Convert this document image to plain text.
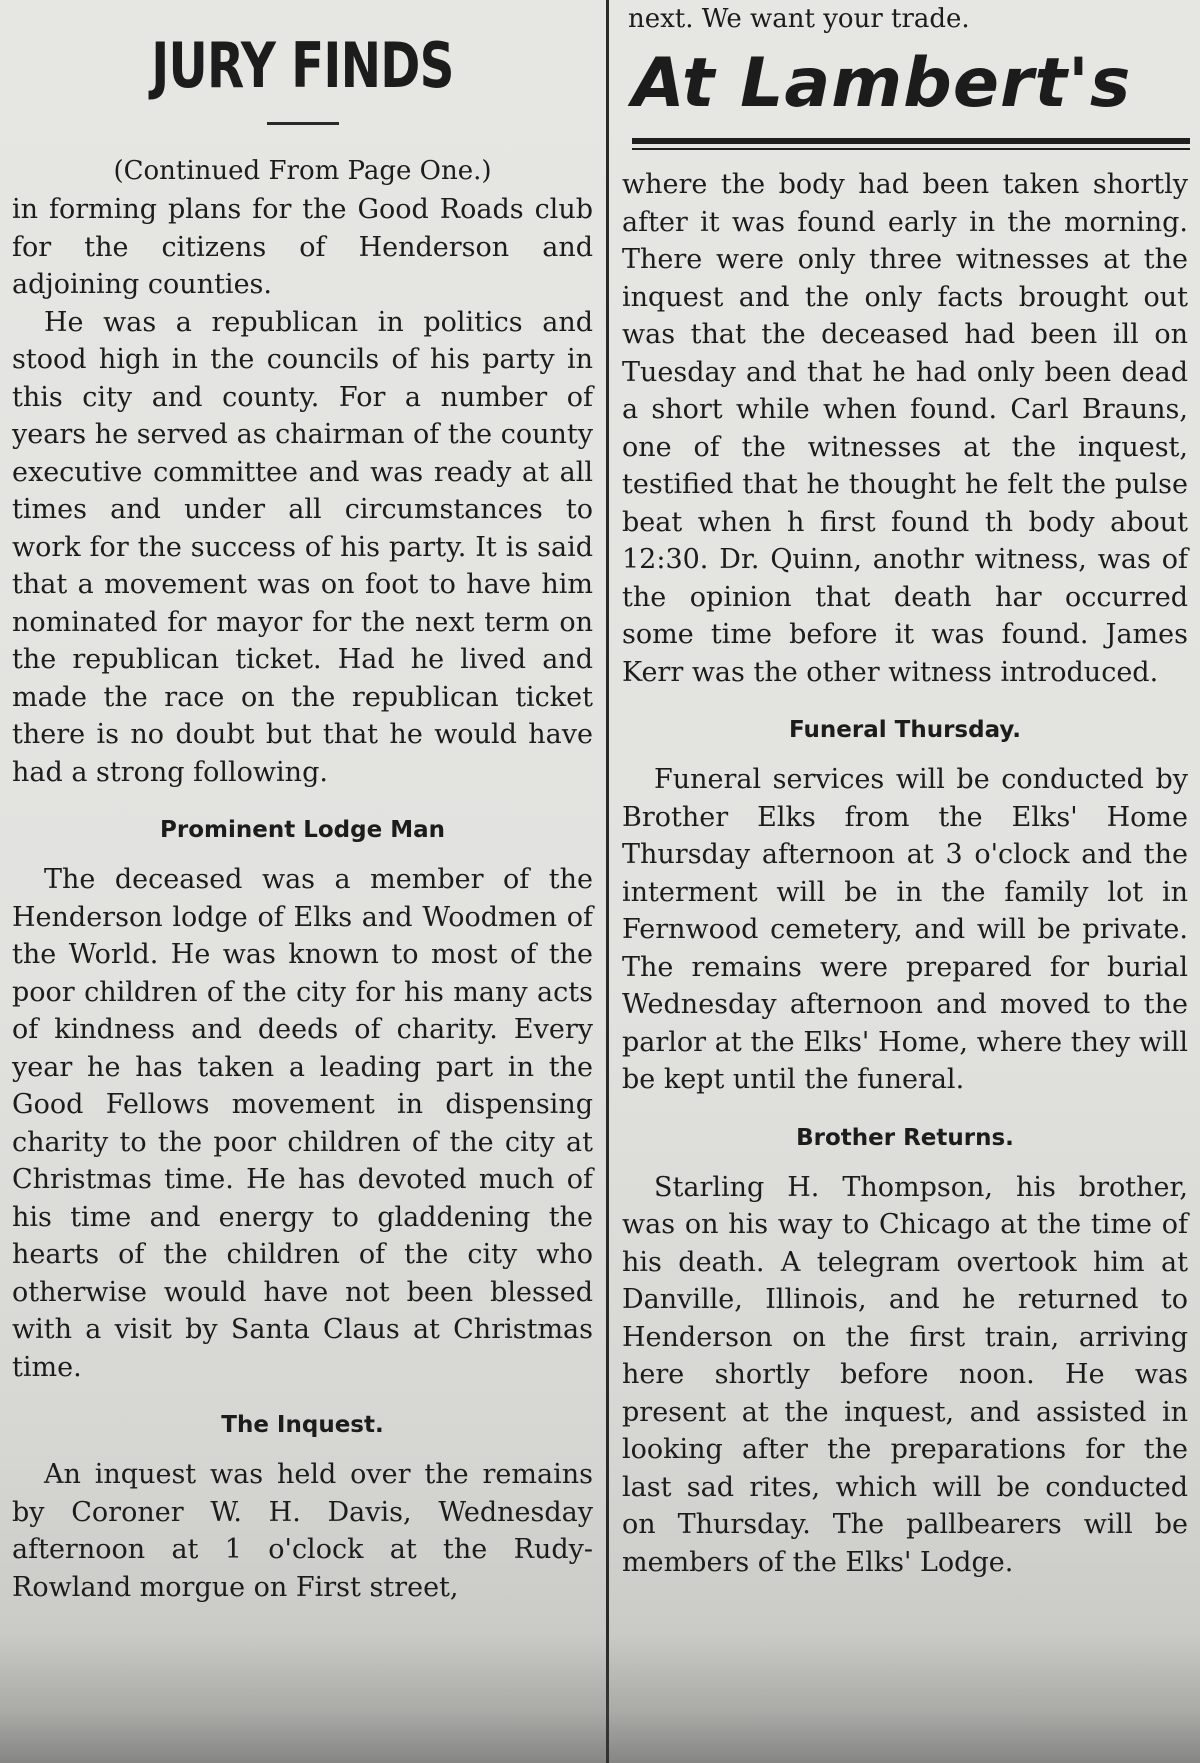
JURY FINDS
(Continued From Page One.)

in forming plans for the Good Roads club for the citizens of Henderson and adjoining counties.

He was a republican in politics and stood high in the councils of his party in this city and county. For a number of years he served as chairman of the county executive committee and was ready at all times and under all circumstances to work for the success of his party. It is said that a movement was on foot to have him nominated for mayor for the next term on the republican ticket. Had he lived and made the race on the republican ticket there is no doubt but that he would have had a strong following.

Prominent Lodge Man

The deceased was a member of the Henderson lodge of Elks and Woodmen of the World. He was known to most of the poor children of the city for his many acts of kindness and deeds of charity. Every year he has taken a leading part in the Good Fellows movement in dispensing charity to the poor children of the city at Christmas time. He has devoted much of his time and energy to gladdening the hearts of the children of the city who otherwise would have not been blessed with a visit by Santa Claus at Christmas time.

The Inquest.

An inquest was held over the remains by Coroner W. H. Davis, Wednesday afternoon at 1 o'clock at the Rudy-Rowland morgue on First street,

next. We want your trade.
At Lambert's

where the body had been taken shortly after it was found early in the morning. There were only three witnesses at the inquest and the only facts brought out was that the deceased had been ill on Tuesday and that he had only been dead a short while when found. Carl Brauns, one of the witnesses at the inquest, testified that he thought he felt the pulse beat when h first found th body about 12:30. Dr. Quinn, anothr witness, was of the opinion that death har occurred some time before it was found. James Kerr was the other witness introduced.

Funeral Thursday.

Funeral services will be conducted by Brother Elks from the Elks' Home Thursday afternoon at 3 o'clock and the interment will be in the family lot in Fernwood cemetery, and will be private. The remains were prepared for burial Wednesday afternoon and moved to the parlor at the Elks' Home, where they will be kept until the funeral.

Brother Returns.

Starling H. Thompson, his brother, was on his way to Chicago at the time of his death. A telegram overtook him at Danville, Illinois, and he returned to Henderson on the first train, arriving here shortly before noon. He was present at the inquest, and assisted in looking after the preparations for the last sad rites, which will be conducted on Thursday. The pallbearers will be members of the Elks' Lodge.
